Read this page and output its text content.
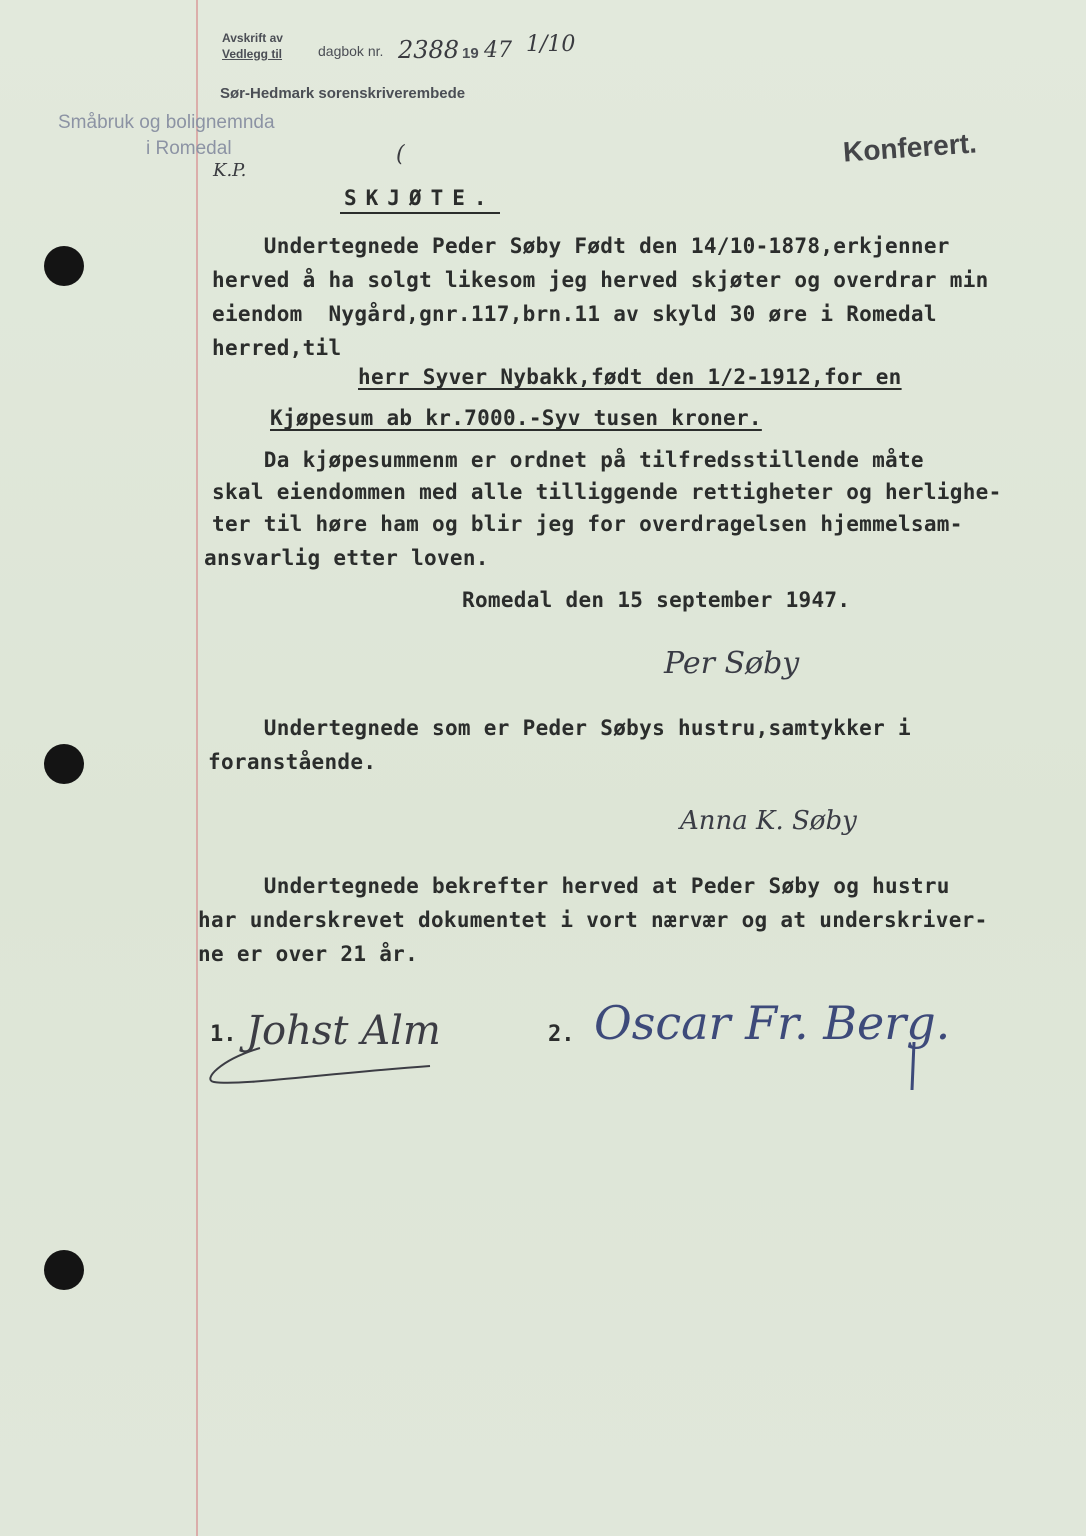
Avskrift av
Vedlegg til	dagbok nr. 2388 19 47 1/10
Sør-Hedmark sorenskriverembede
Småbruk og bolignemnda
i Romedal
K.P.
(	Konferert.
SKJØTE.
Undertegnede Peder Søby Født den 14/10-1878,erkjenner
herved å ha solgt likesom jeg herved skjøter og overdrar min
eiendom  Nygård,gnr.117,brn.11 av skyld 30 øre i Romedal
herred,til
herr Syver Nybakk,født den 1/2-1912,for en
Kjøpesum ab kr.7000.-Syv tusen kroner.
Da kjøpesummenm er ordnet på tilfredsstillende måte
skal eiendommen med alle tilliggende rettigheter og herlighe-
ter til høre ham og blir jeg for overdragelsen hjemmelsam-
ansvarlig etter loven.
Romedal den 15 september 1947.
Per Søby
Undertegnede som er Peder Søbys hustru,samtykker i
foranstående.
Anna K. Søby
Undertegnede bekrefter herved at Peder Søby og hustru
har underskrevet dokumentet i vort nærvær og at underskriver-
ne er over 21 år.
1. Johst Alm	2. Oscar Fr. Berg.
